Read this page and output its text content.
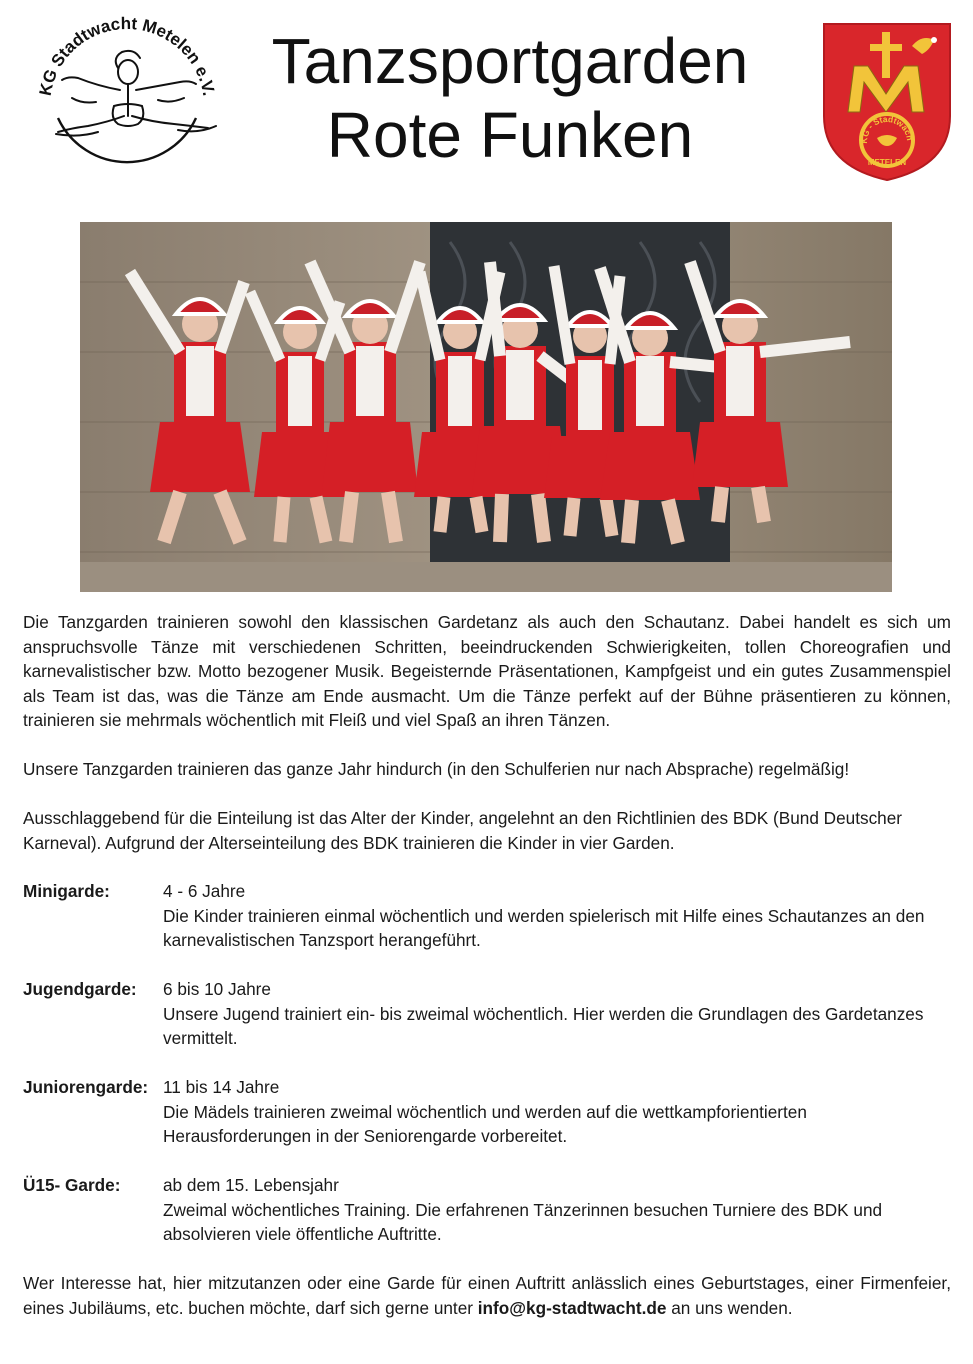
KG Stadtwacht Metelen e.V. Tanzsportgarden
Rote Funken	KG - Stadtwach
METELEN
Die Tanzgarden trainieren sowohl den klassischen Gardetanz als auch den Schautanz. Dabei handelt es sich um anspruchsvolle Tänze mit verschiedenen Schritten, beeindruckenden Schwierigkeiten, tollen Choreografien und karnevalistischer bzw. Motto bezogener Musik. Begeisternde Präsentationen, Kampfgeist und ein gutes Zusammenspiel als Team ist das, was die Tänze am Ende ausmacht. Um die Tänze perfekt auf der Bühne präsentieren zu können, trainieren sie mehrmals wöchentlich mit Fleiß und viel Spaß an ihren Tänzen.
Unsere Tanzgarden trainieren das ganze Jahr hindurch (in den Schulferien nur nach Absprache) regelmäßig!
Ausschlaggebend für die Einteilung ist das Alter der Kinder, angelehnt an den Richtlinien des BDK (Bund Deutscher Karneval). Aufgrund der Alterseinteilung des BDK trainieren die Kinder in vier Garden.
Minigarde:	4 - 6 Jahre
Die Kinder trainieren einmal wöchentlich und werden spielerisch mit Hilfe eines Schautanzes an den karnevalistischen Tanzsport herangeführt.
Jugendgarde: 6 bis 10 Jahre
Unsere Jugend trainiert ein- bis zweimal wöchentlich. Hier werden die Grundlagen des Gardetanzes vermittelt.
Juniorengarde: 11 bis 14 Jahre
Die Mädels trainieren zweimal wöchentlich und werden auf die wettkampforientierten Herausforderungen in der Seniorengarde vorbereitet.
Ü15- Garde: ab dem 15. Lebensjahr
Zweimal wöchentliches Training. Die erfahrenen Tänzerinnen besuchen Turniere des BDK und absolvieren viele öffentliche Auftritte.
Wer Interesse hat, hier mitzutanzen oder eine Garde für einen Auftritt anlässlich eines Geburtstages, einer Firmenfeier, eines Jubiläums, etc. buchen möchte, darf sich gerne unter info@kg-stadtwacht.de an uns wenden.
